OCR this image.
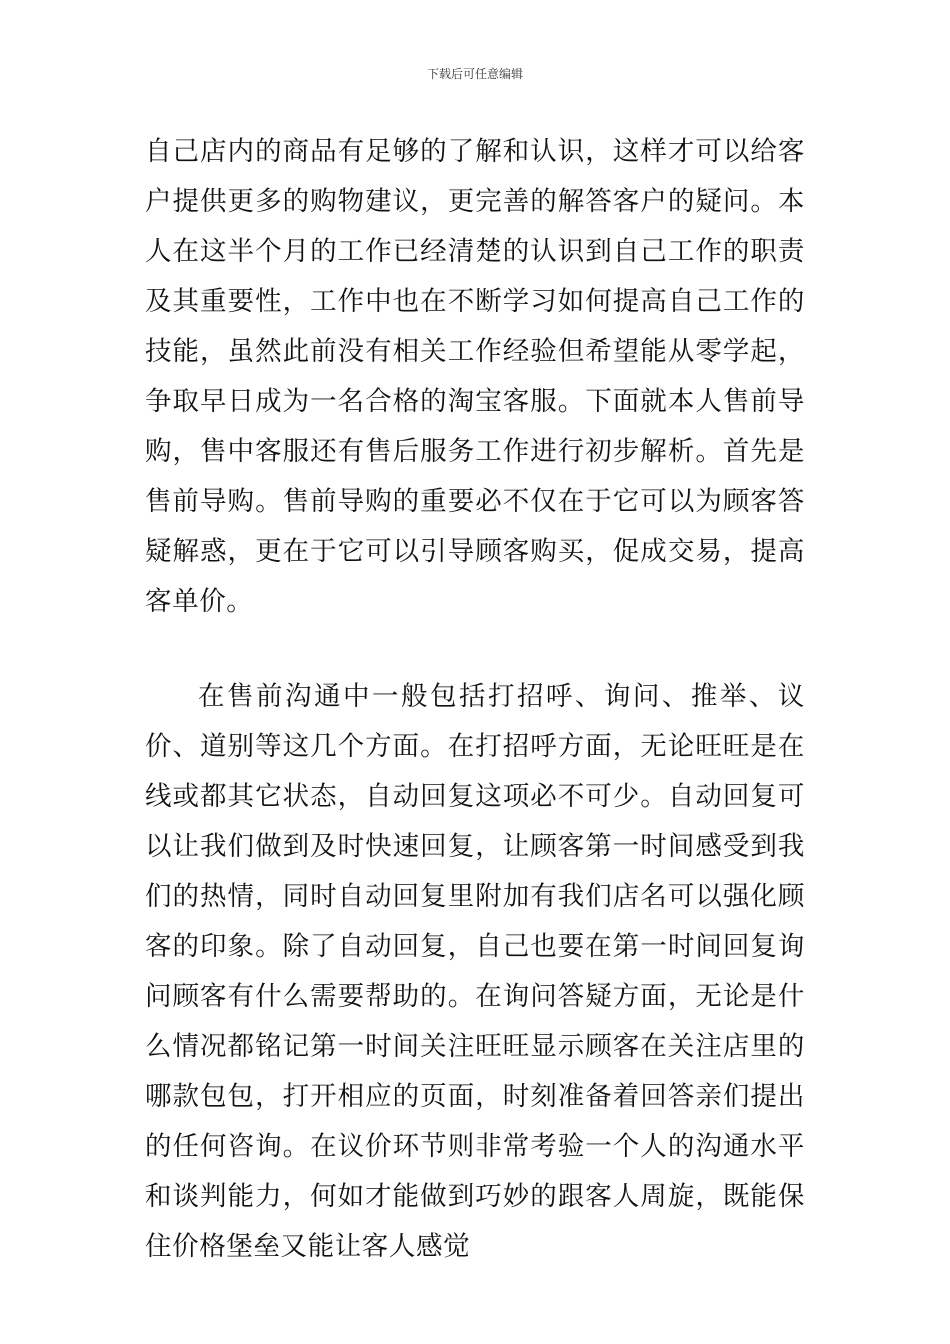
下载后可任意编辑

自己店内的商品有足够的了解和认识，这样才可以给客户提供更多的购物建议，更完善的解答客户的疑问。本人在这半个月的工作已经清楚的认识到自己工作的职责及其重要性，工作中也在不断学习如何提高自己工作的技能，虽然此前没有相关工作经验但希望能从零学起，争取早日成为一名合格的淘宝客服。下面就本人售前导购，售中客服还有售后服务工作进行初步解析。首先是售前导购。售前导购的重要必不仅在于它可以为顾客答疑解惑，更在于它可以引导顾客购买，促成交易，提高客单价。

在售前沟通中一般包括打招呼、询问、推举、议价、道别等这几个方面。在打招呼方面，无论旺旺是在线或都其它状态，自动回复这项必不可少。自动回复可以让我们做到及时快速回复，让顾客第一时间感受到我们的热情，同时自动回复里附加有我们店名可以强化顾客的印象。除了自动回复，自己也要在第一时间回复询问顾客有什么需要帮助的。在询问答疑方面，无论是什么情况都铭记第一时间关注旺旺显示顾客在关注店里的哪款包包，打开相应的页面，时刻准备着回答亲们提出的任何咨询。在议价环节则非常考验一个人的沟通水平和谈判能力，何如才能做到巧妙的跟客人周旋，既能保住价格堡垒又能让客人感觉
